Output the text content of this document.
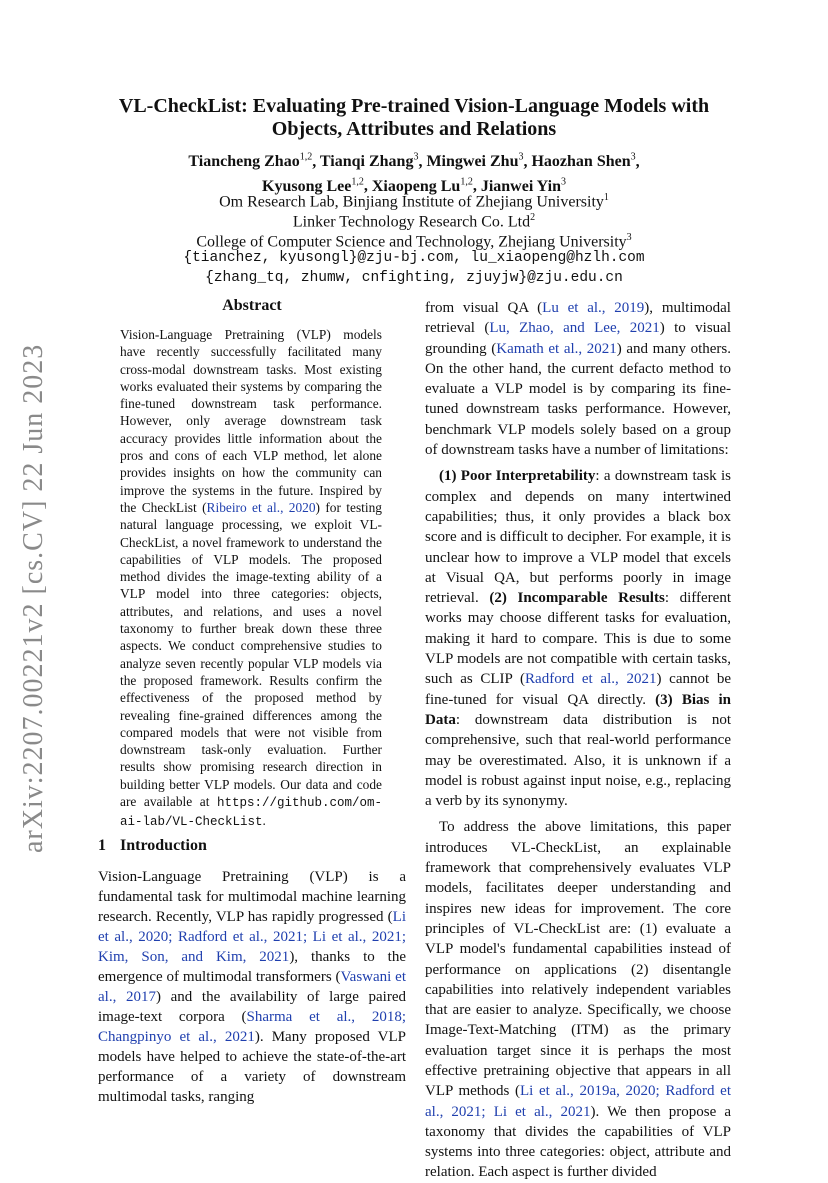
arXiv:2207.00221v2 [cs.CV] 22 Jun 2023
VL-CheckList: Evaluating Pre-trained Vision-Language Models with
Objects, Attributes and Relations
Tiancheng Zhao$^{1,2}$, Tianqi Zhang$^3$, Mingwei Zhu$^3$, Haozhan Shen$^3$,
Kyusong Lee$^{1,2}$, Xiaopeng Lu$^{1,2}$, Jianwei Yin$^3$
Om Research Lab, Binjiang Institute of Zhejiang University$^1$
Linker Technology Research Co. Ltd$^2$
College of Computer Science and Technology, Zhejiang University$^3$
{tianchez, kyusongl}@zju-bj.com, lu_xiaopeng@hzlh.com
{zhang_tq, zhumw, cnfighting, zjuyjw}@zju.edu.cn
Abstract
Vision-Language Pretraining (VLP) models have recently successfully facilitated many cross-modal downstream tasks. Most existing works evaluated their systems by comparing the fine-tuned downstream task performance. However, only average downstream task accuracy provides little information about the pros and cons of each VLP method, let alone provides insights on how the community can improve the systems in the future. Inspired by the CheckList (Ribeiro et al., 2020) for testing natural language processing, we exploit VL-CheckList, a novel framework to understand the capabilities of VLP models. The proposed method divides the image-texting ability of a VLP model into three categories: objects, attributes, and relations, and uses a novel taxonomy to further break down these three aspects. We conduct comprehensive studies to analyze seven recently popular VLP models via the proposed framework. Results confirm the effectiveness of the proposed method by revealing fine-grained differences among the compared models that were not visible from downstream task-only evaluation. Further results show promising research direction in building better VLP models. Our data and code are available at https://github.com/om-ai-lab/VL-CheckList.
1 Introduction
Vision-Language Pretraining (VLP) is a fundamental task for multimodal machine learning research. Recently, VLP has rapidly progressed (Li et al., 2020; Radford et al., 2021; Li et al., 2021; Kim, Son, and Kim, 2021), thanks to the emergence of multimodal transformers (Vaswani et al., 2017) and the availability of large paired image-text corpora (Sharma et al., 2018; Changpinyo et al., 2021). Many proposed VLP models have helped to achieve the state-of-the-art performance of a variety of downstream multimodal tasks, ranging

from visual QA (Lu et al., 2019), multimodal retrieval (Lu, Zhao, and Lee, 2021) to visual grounding (Kamath et al., 2021) and many others. On the other hand, the current defacto method to evaluate a VLP model is by comparing its fine-tuned downstream tasks performance. However, benchmark VLP models solely based on a group of downstream tasks have a number of limitations:

(1) Poor Interpretability: a downstream task is complex and depends on many intertwined capabilities; thus, it only provides a black box score and is difficult to decipher. For example, it is unclear how to improve a VLP model that excels at Visual QA, but performs poorly in image retrieval. (2) Incomparable Results: different works may choose different tasks for evaluation, making it hard to compare. This is due to some VLP models are not compatible with certain tasks, such as CLIP (Radford et al., 2021) cannot be fine-tuned for visual QA directly. (3) Bias in Data: downstream data distribution is not comprehensive, such that real-world performance may be overestimated. Also, it is unknown if a model is robust against input noise, e.g., replacing a verb by its synonymy.

To address the above limitations, this paper introduces VL-CheckList, an explainable framework that comprehensively evaluates VLP models, facilitates deeper understanding and inspires new ideas for improvement. The core principles of VL-CheckList are: (1) evaluate a VLP model's fundamental capabilities instead of performance on applications (2) disentangle capabilities into relatively independent variables that are easier to analyze. Specifically, we choose Image-Text-Matching (ITM) as the primary evaluation target since it is perhaps the most effective pretraining objective that appears in all VLP methods (Li et al., 2019a, 2020; Radford et al., 2021; Li et al., 2021). We then propose a taxonomy that divides the capabilities of VLP systems into three categories: object, attribute and relation. Each aspect is further divided
